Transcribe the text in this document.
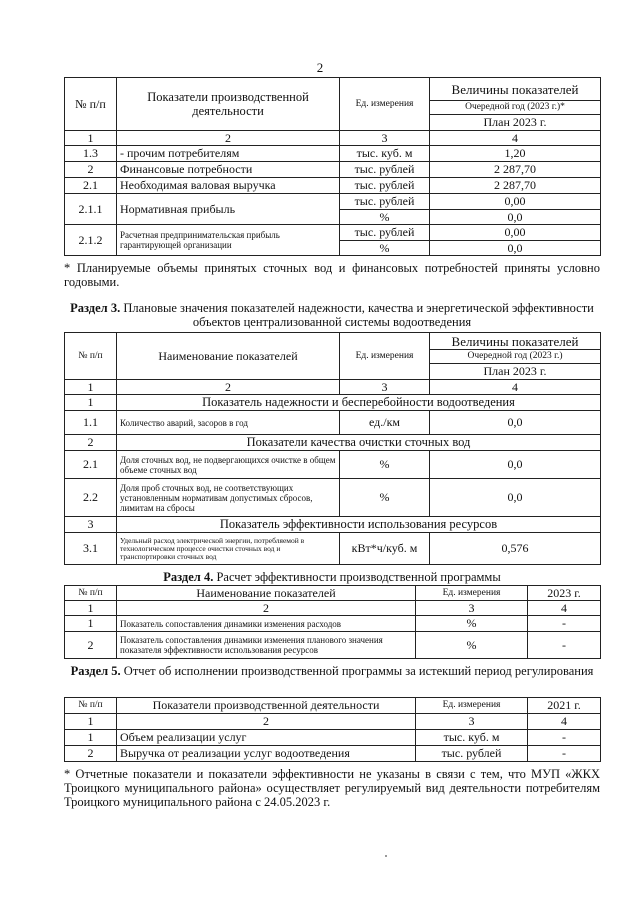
2
№ п/п	Показатели производственной деятельности	Ед. измерения	Величины показателей
			Очередной год (2023 г.)*
			План 2023 г.
1	2	3	4
1.3	- прочим потребителям	тыс. куб. м	1,20
2	Финансовые потребности	тыс. рублей	2 287,70
2.1	Необходимая валовая выручка	тыс. рублей	2 287,70
2.1.1	Нормативная прибыль	тыс. рублей	0,00
		%	0,0
2.1.2	Расчетная предпринимательская прибыль гарантирующей организации	тыс. рублей	0,00
		%	0,0
* Планируемые объемы принятых сточных вод и финансовых потребностей приняты условно годовыми.
Раздел 3. Плановые значения показателей надежности, качества и энергетической эффективности объектов централизованной системы водоотведения
№ п/п	Наименование показателей	Ед. измерения	Величины показателей
			Очередной год (2023 г.)
			План 2023 г.
1	2	3	4
1	Показатель надежности и бесперебойности водоотведения		
1.1	Количество аварий, засоров в год	ед./км	0,0
2	Показатели качества очистки сточных вод		
2.1	Доля сточных вод, не подвергающихся очистке в общем объеме сточных вод	%	0,0
2.2	Доля проб сточных вод, не соответствующих установленным нормативам допустимых сбросов, лимитам на сбросы	%	0,0
3	Показатель эффективности использования ресурсов		
3.1	Удельный расход электрической энергии, потребляемой в технологическом процессе очистки сточных вод и транспортировки сточных вод	кВт*ч/куб. м	0,576
Раздел 4. Расчет эффективности производственной программы
№ п/п	Наименование показателей	Ед. измерения	2023 г.
1	2	3	4
1	Показатель сопоставления динамики изменения расходов	%	-
2	Показатель сопоставления динамики изменения планового значения показателя эффективности использования ресурсов	%	-
Раздел 5. Отчет об исполнении производственной программы за истекший период регулирования
№ п/п	Показатели производственной деятельности	Ед. измерения	2021 г.
1	2	3	4
1	Объем реализации услуг	тыс. куб. м	-
2	Выручка от реализации услуг водоотведения	тыс. рублей	-
* Отчетные показатели и показатели эффективности не указаны в связи с тем, что МУП «ЖКХ Троицкого муниципального района» осуществляет регулируемый вид деятельности потребителям Троицкого муниципального района с 24.05.2023 г.
